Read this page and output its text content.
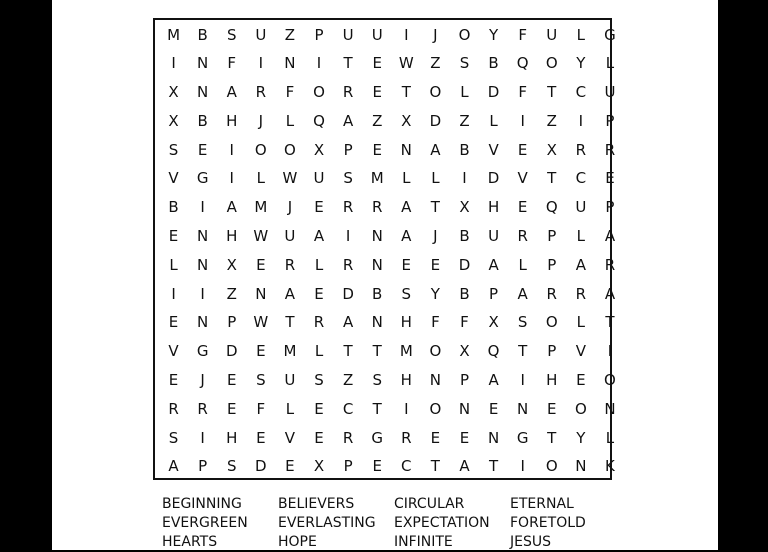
M	B	S	U	Z	P	U	U	I	J	O	Y	F	U	L	G
I	N	F	I	N	I	T	E	W	Z	S	B	Q	O	Y	L
X	N	A	R	F	O	R	E	T	O	L	D	F	T	C	U
X	B	H	J	L	Q	A	Z	X	D	Z	L	I	Z	I	P
S	E	I	O	O	X	P	E	N	A	B	V	E	X	R	R
V	G	I	L	W	U	S	M	L	L	I	D	V	T	C	E
B	I	A	M	J	E	R	R	A	T	X	H	E	Q	U	P
E	N	H	W	U	A	I	N	A	J	B	U	R	P	L	A
L	N	X	E	R	L	R	N	E	E	D	A	L	P	A	R
I	I	Z	N	A	E	D	B	S	Y	B	P	A	R	R	A
E	N	P	W	T	R	A	N	H	F	F	X	S	O	L	T
V	G	D	E	M	L	T	T	M	O	X	Q	T	P	V	I
E	J	E	S	U	S	Z	S	H	N	P	A	I	H	E	O
R	R	E	F	L	E	C	T	I	O	N	E	N	E	O	N
S	I	H	E	V	E	R	G	R	E	E	N	G	T	Y	L
A	P	S	D	E	X	P	E	C	T	A	T	I	O	N	K
BEGINNING	BELIEVERS	CIRCULAR	ETERNAL
EVERGREEN	EVERLASTING	EXPECTATION	FORETOLD
HEARTS	HOPE	INFINITE	JESUS
